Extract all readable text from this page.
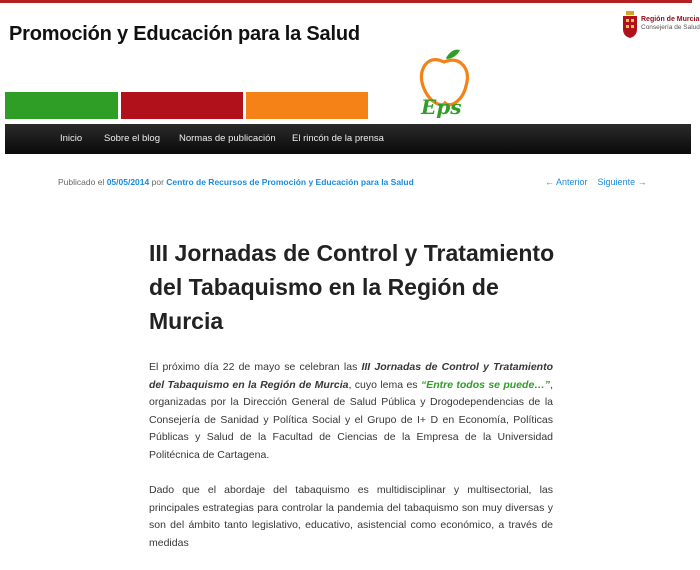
Promoción y Educación para la Salud
Región de Murcia
Consejería de Salud
Eps
Inicio Sobre el blog Normas de publicación El rincón de la prensa
Publicado el 05/05/2014 por Centro de Recursos de Promoción y Educación para la Salud	← Anterior Siguiente →
III Jornadas de Control y Tratamiento del Tabaquismo en la Región de Murcia

El próximo día 22 de mayo se celebran las III Jornadas de Control y Tratamiento del Tabaquismo en la Región de Murcia, cuyo lema es “Entre todos se puede…”, organizadas por la Dirección General de Salud Pública y Drogodependencias de la Consejería de Sanidad y Política Social y el Grupo de I+ D en Economía, Políticas Públicas y Salud de la Facultad de Ciencias de la Empresa de la Universidad Politécnica de Cartagena.

Dado que el abordaje del tabaquismo es multidisciplinar y multisectorial, las principales estrategias para controlar la pandemia del tabaquismo son muy diversas y son del ámbito tanto legislativo, educativo, asistencial como económico, a través de medidas
